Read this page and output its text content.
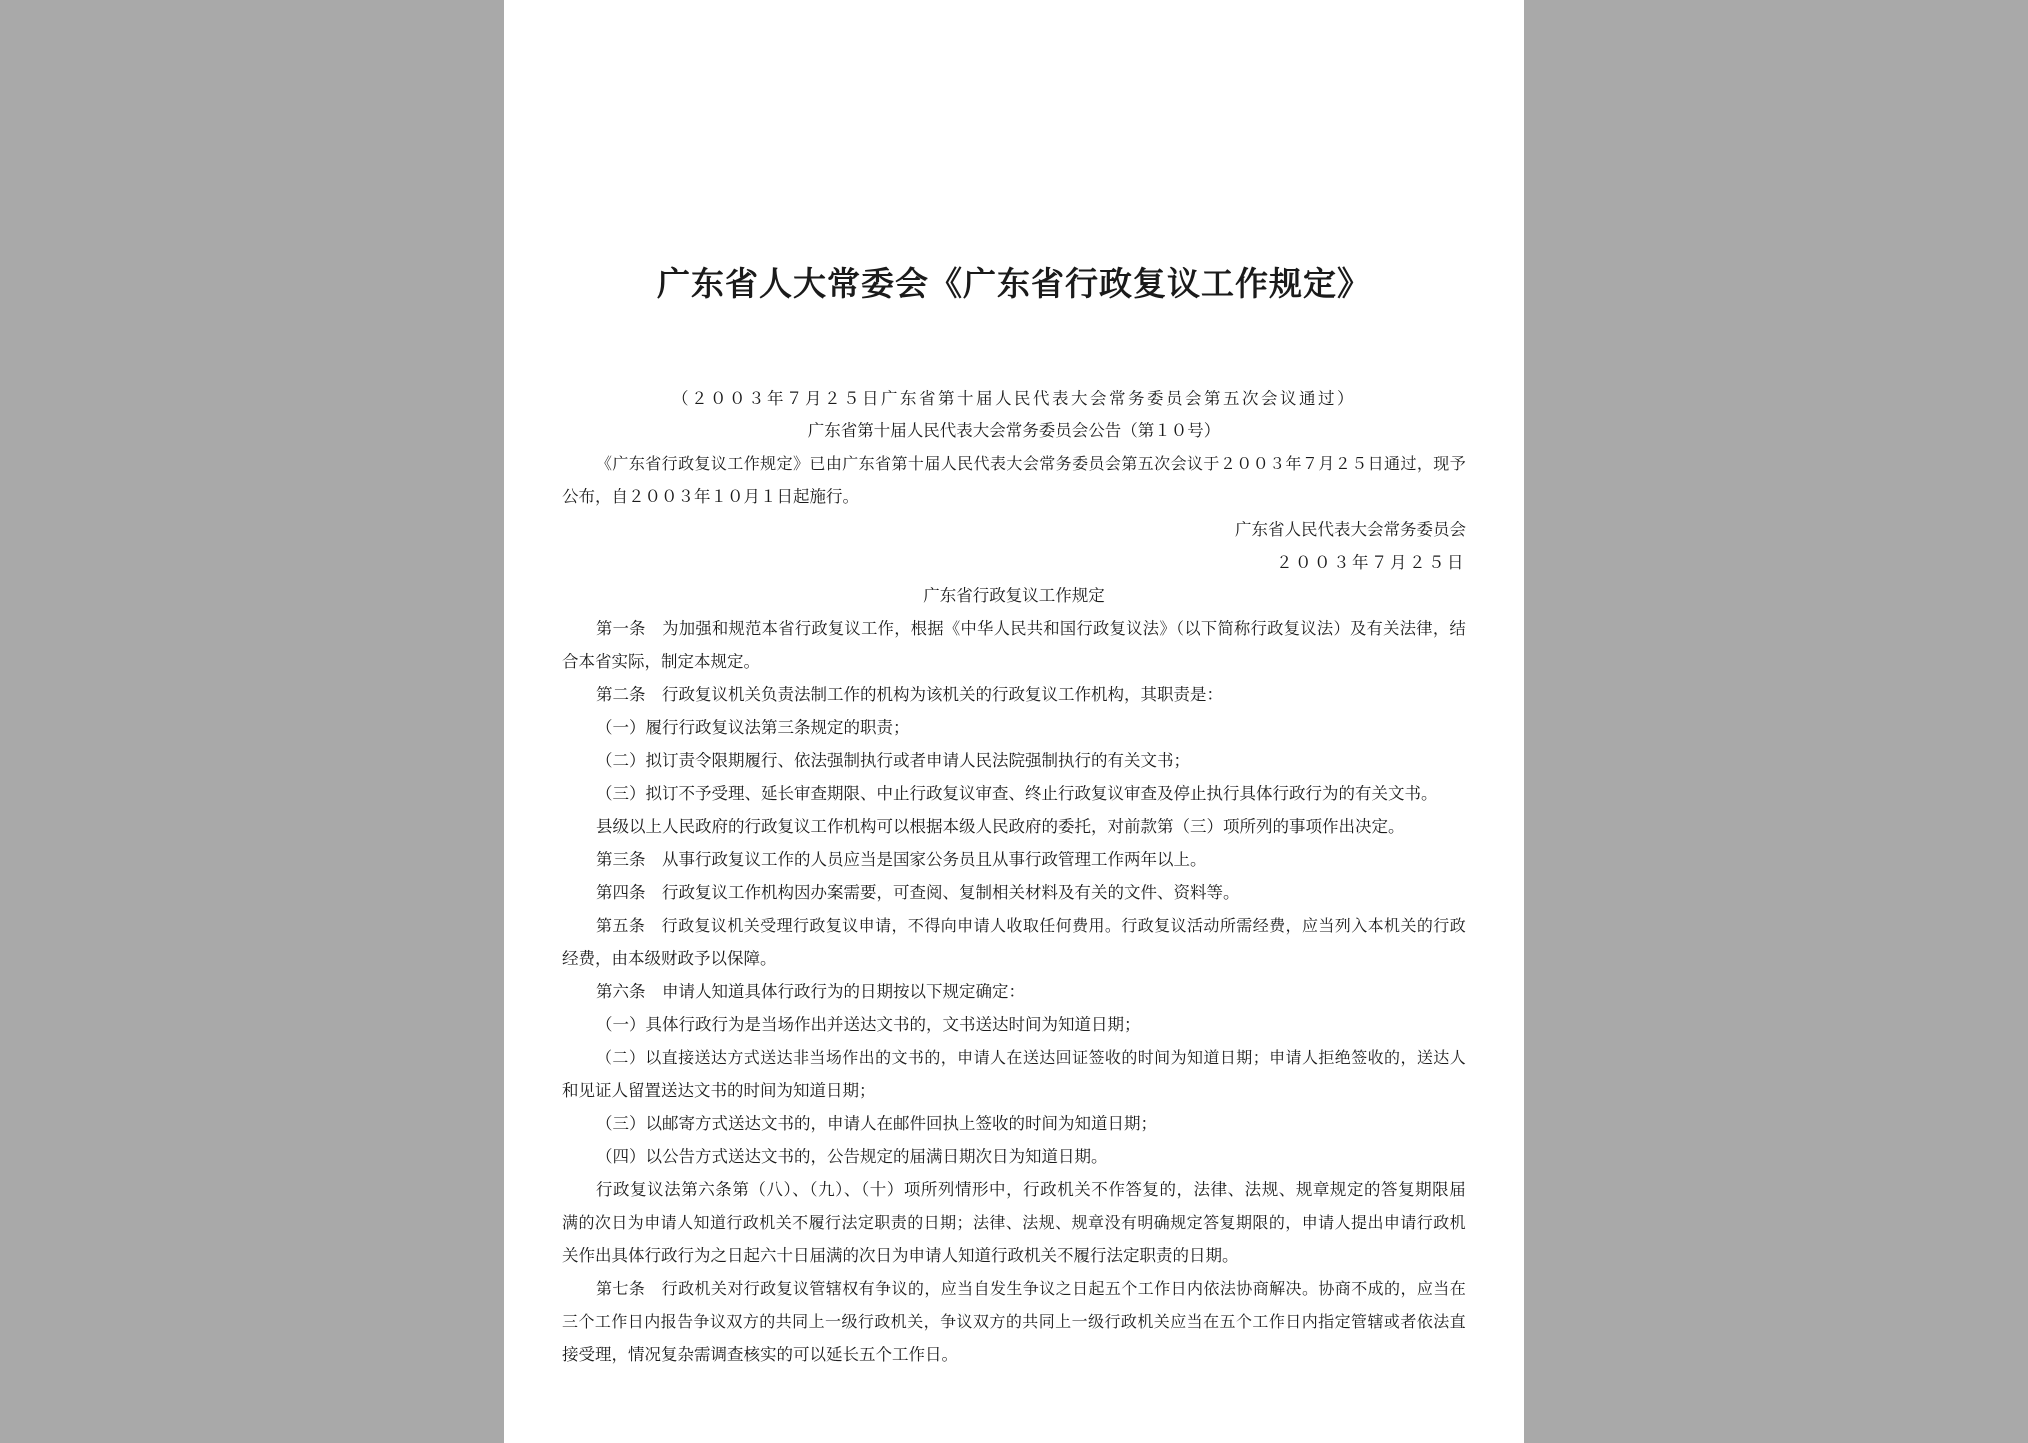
广东省人大常委会《广东省行政复议工作规定》
（２００３年７月２５日广东省第十届人民代表大会常务委员会第五次会议通过）
广东省第十届人民代表大会常务委员会公告（第１０号）
《广东省行政复议工作规定》已由广东省第十届人民代表大会常务委员会第五次会议于２００３年７月２５日通过，现予
公布，自２００３年１０月１日起施行。
广东省人民代表大会常务委员会
２００３年７月２５日
广东省行政复议工作规定
第一条　为加强和规范本省行政复议工作，根据《中华人民共和国行政复议法》（以下简称行政复议法）及有关法律，结
合本省实际，制定本规定。
第二条　行政复议机关负责法制工作的机构为该机关的行政复议工作机构，其职责是：
（一）履行行政复议法第三条规定的职责；
（二）拟订责令限期履行、依法强制执行或者申请人民法院强制执行的有关文书；
（三）拟订不予受理、延长审查期限、中止行政复议审查、终止行政复议审查及停止执行具体行政行为的有关文书。
县级以上人民政府的行政复议工作机构可以根据本级人民政府的委托，对前款第（三）项所列的事项作出决定。
第三条　从事行政复议工作的人员应当是国家公务员且从事行政管理工作两年以上。
第四条　行政复议工作机构因办案需要，可查阅、复制相关材料及有关的文件、资料等。
第五条　行政复议机关受理行政复议申请，不得向申请人收取任何费用。行政复议活动所需经费，应当列入本机关的行政
经费，由本级财政予以保障。
第六条　申请人知道具体行政行为的日期按以下规定确定：
（一）具体行政行为是当场作出并送达文书的，文书送达时间为知道日期；
（二）以直接送达方式送达非当场作出的文书的，申请人在送达回证签收的时间为知道日期；申请人拒绝签收的，送达人
和见证人留置送达文书的时间为知道日期；
（三）以邮寄方式送达文书的，申请人在邮件回执上签收的时间为知道日期；
（四）以公告方式送达文书的，公告规定的届满日期次日为知道日期。
行政复议法第六条第（八）、（九）、（十）项所列情形中，行政机关不作答复的，法律、法规、规章规定的答复期限届
满的次日为申请人知道行政机关不履行法定职责的日期；法律、法规、规章没有明确规定答复期限的，申请人提出申请行政机
关作出具体行政行为之日起六十日届满的次日为申请人知道行政机关不履行法定职责的日期。
第七条　行政机关对行政复议管辖权有争议的，应当自发生争议之日起五个工作日内依法协商解决。协商不成的，应当在
三个工作日内报告争议双方的共同上一级行政机关，争议双方的共同上一级行政机关应当在五个工作日内指定管辖或者依法直
接受理，情况复杂需调查核实的可以延长五个工作日。
